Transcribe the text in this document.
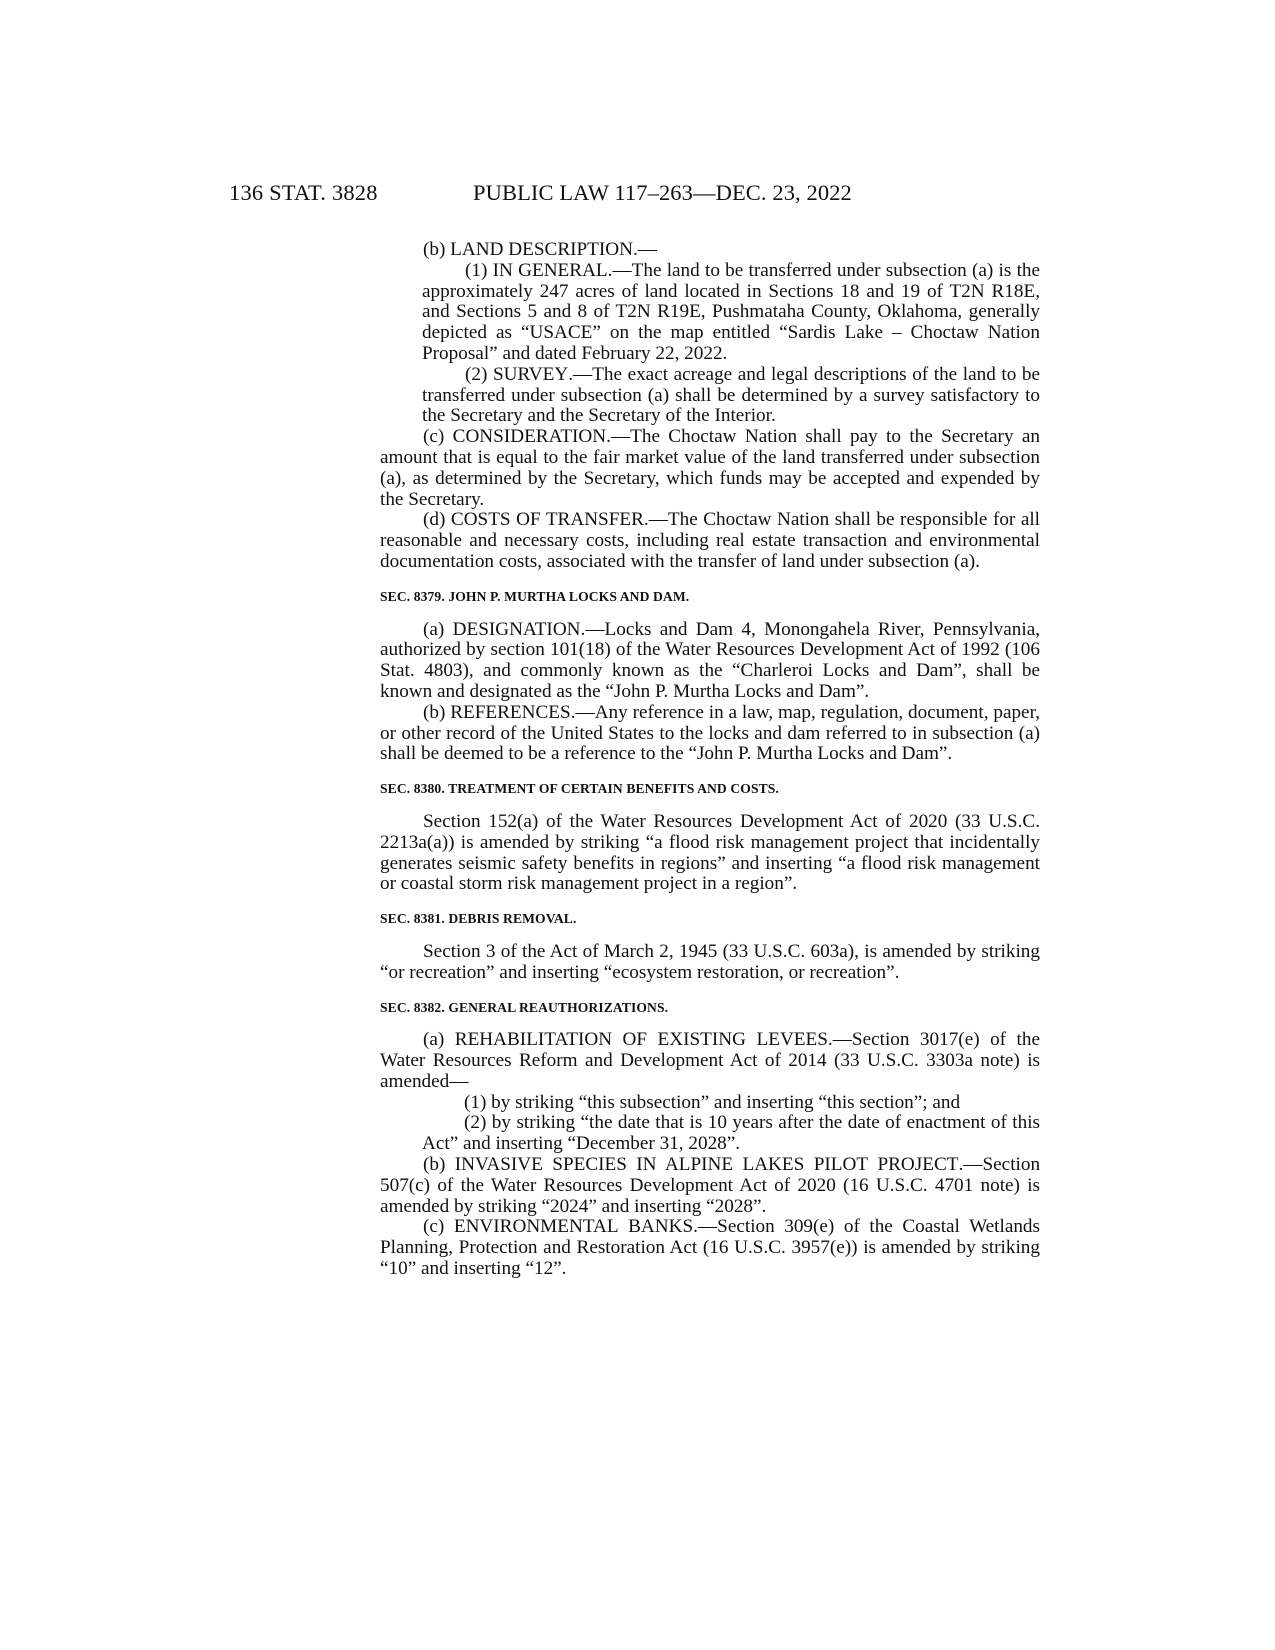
136 STAT. 3828	PUBLIC LAW 117–263—DEC. 23, 2022

(b) LAND DESCRIPTION.—

(1) IN GENERAL.—The land to be transferred under subsection (a) is the approximately 247 acres of land located in Sections 18 and 19 of T2N R18E, and Sections 5 and 8 of T2N R19E, Pushmataha County, Oklahoma, generally depicted as “USACE” on the map entitled “Sardis Lake – Choctaw Nation Proposal” and dated February 22, 2022.

(2) SURVEY.—The exact acreage and legal descriptions of the land to be transferred under subsection (a) shall be determined by a survey satisfactory to the Secretary and the Secretary of the Interior.

(c) CONSIDERATION.—The Choctaw Nation shall pay to the Secretary an amount that is equal to the fair market value of the land transferred under subsection (a), as determined by the Secretary, which funds may be accepted and expended by the Secretary.

(d) COSTS OF TRANSFER.—The Choctaw Nation shall be responsible for all reasonable and necessary costs, including real estate transaction and environmental documentation costs, associated with the transfer of land under subsection (a).

SEC. 8379. JOHN P. MURTHA LOCKS AND DAM.

(a) DESIGNATION.—Locks and Dam 4, Monongahela River, Pennsylvania, authorized by section 101(18) of the Water Resources Development Act of 1992 (106 Stat. 4803), and commonly known as the “Charleroi Locks and Dam”, shall be known and designated as the “John P. Murtha Locks and Dam”.

(b) REFERENCES.—Any reference in a law, map, regulation, document, paper, or other record of the United States to the locks and dam referred to in subsection (a) shall be deemed to be a reference to the “John P. Murtha Locks and Dam”.

SEC. 8380. TREATMENT OF CERTAIN BENEFITS AND COSTS.

Section 152(a) of the Water Resources Development Act of 2020 (33 U.S.C. 2213a(a)) is amended by striking “a flood risk management project that incidentally generates seismic safety benefits in regions” and inserting “a flood risk management or coastal storm risk management project in a region”.

SEC. 8381. DEBRIS REMOVAL.

Section 3 of the Act of March 2, 1945 (33 U.S.C. 603a), is amended by striking “or recreation” and inserting “ecosystem restoration, or recreation”.

SEC. 8382. GENERAL REAUTHORIZATIONS.

(a) REHABILITATION OF EXISTING LEVEES.—Section 3017(e) of the Water Resources Reform and Development Act of 2014 (33 U.S.C. 3303a note) is amended—

(1) by striking “this subsection” and inserting “this section”; and

(2) by striking “the date that is 10 years after the date of enactment of this Act” and inserting “December 31, 2028”.

(b) INVASIVE SPECIES IN ALPINE LAKES PILOT PROJECT.—Section 507(c) of the Water Resources Development Act of 2020 (16 U.S.C. 4701 note) is amended by striking “2024” and inserting “2028”.

(c) ENVIRONMENTAL BANKS.—Section 309(e) of the Coastal Wetlands Planning, Protection and Restoration Act (16 U.S.C. 3957(e)) is amended by striking “10” and inserting “12”.
